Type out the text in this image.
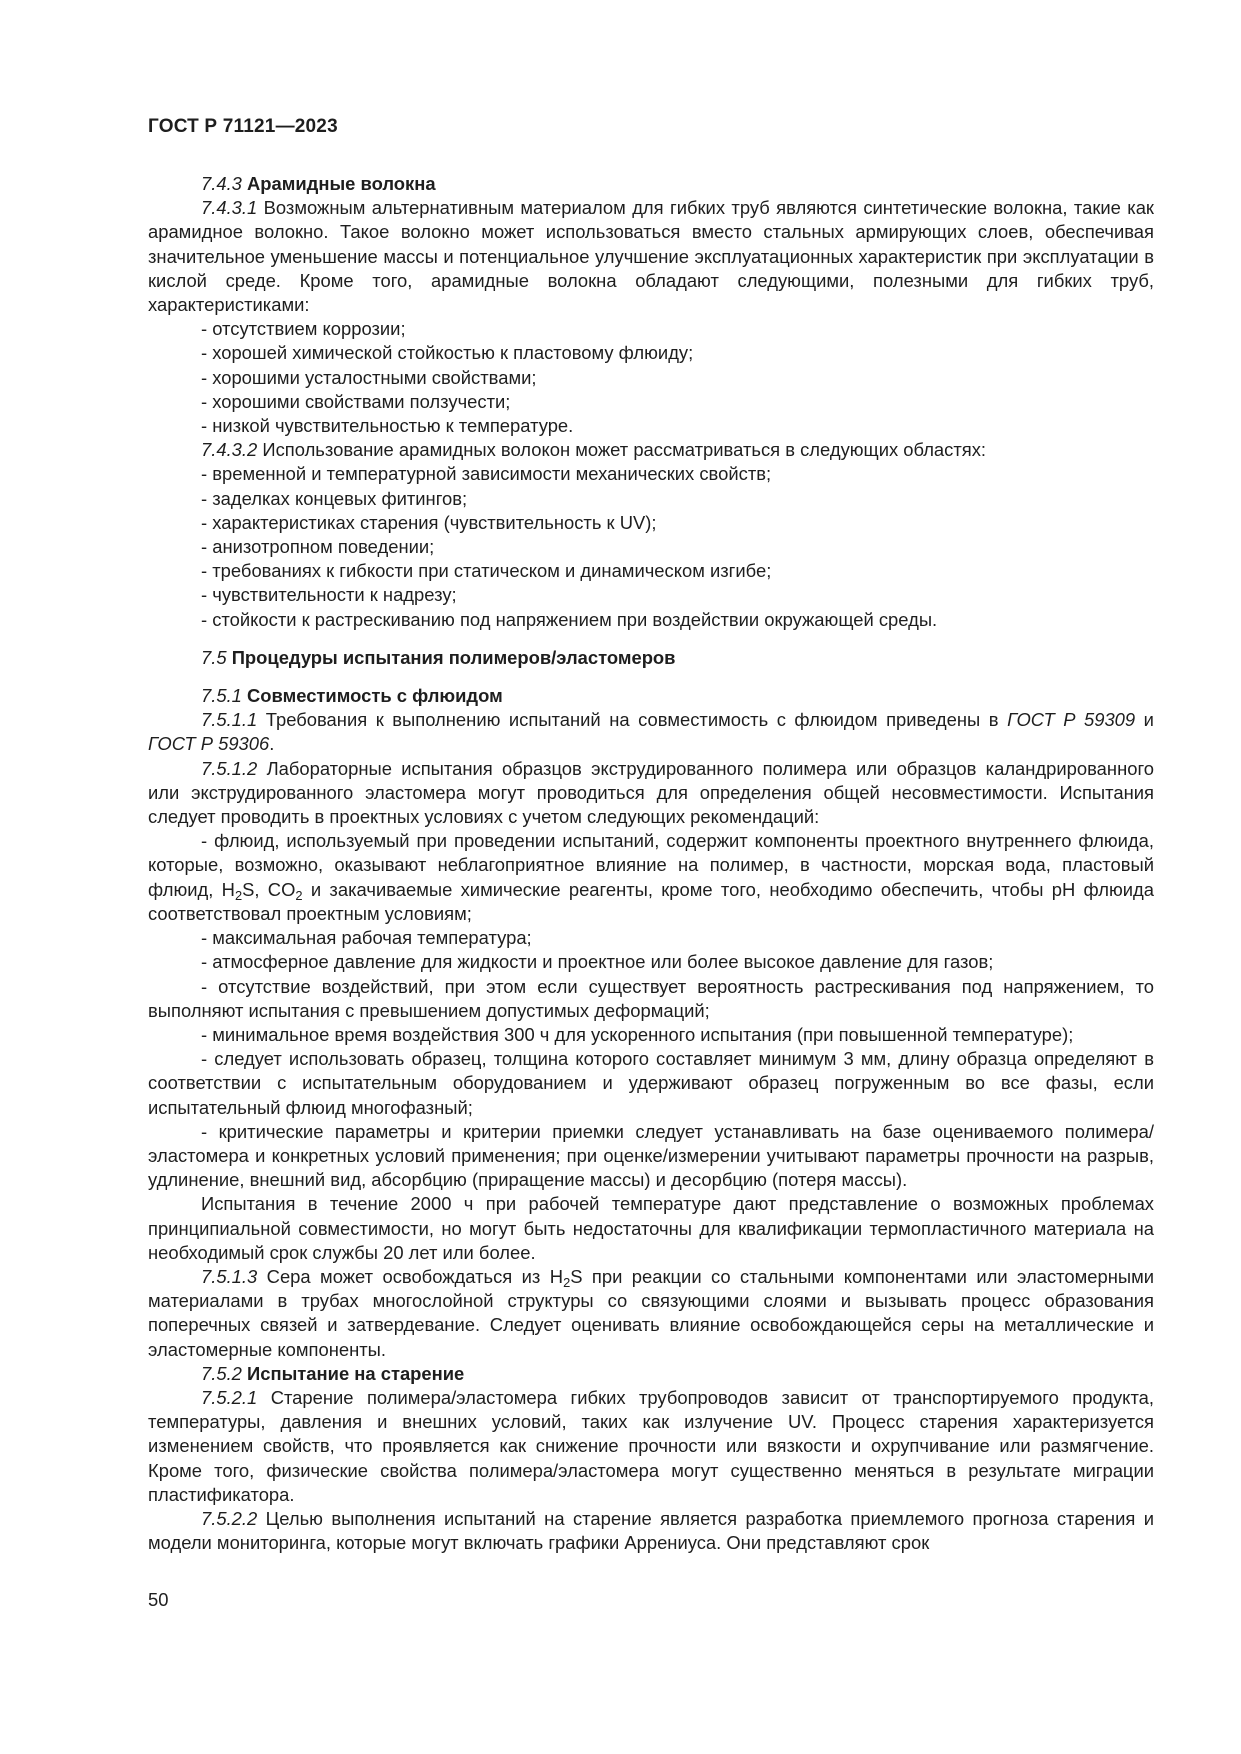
ГОСТ Р 71121—2023

7.4.3 Арамидные волокна

7.4.3.1 Возможным альтернативным материалом для гибких труб являются синтетические волокна, такие как арамидное волокно. Такое волокно может использоваться вместо стальных армирующих слоев, обеспечивая значительное уменьшение массы и потенциальное улучшение эксплуатационных характеристик при эксплуатации в кислой среде. Кроме того, арамидные волокна обладают следующими, полезными для гибких труб, характеристиками:

- отсутствием коррозии;

- хорошей химической стойкостью к пластовому флюиду;

- хорошими усталостными свойствами;

- хорошими свойствами ползучести;

- низкой чувствительностью к температуре.

7.4.3.2 Использование арамидных волокон может рассматриваться в следующих областях:

- временной и температурной зависимости механических свойств;

- заделках концевых фитингов;

- характеристиках старения (чувствительность к UV);

- анизотропном поведении;

- требованиях к гибкости при статическом и динамическом изгибе;

- чувствительности к надрезу;

- стойкости к растрескиванию под напряжением при воздействии окружающей среды.

7.5 Процедуры испытания полимеров/эластомеров

7.5.1 Совместимость с флюидом

7.5.1.1 Требования к выполнению испытаний на совместимость с флюидом приведены в ГОСТ Р 59309 и ГОСТ Р 59306.

7.5.1.2 Лабораторные испытания образцов экструдированного полимера или образцов каландрированного или экструдированного эластомера могут проводиться для определения общей несовместимости. Испытания следует проводить в проектных условиях с учетом следующих рекомендаций:

- флюид, используемый при проведении испытаний, содержит компоненты проектного внутреннего флюида, которые, возможно, оказывают неблагоприятное влияние на полимер, в частности, морская вода, пластовый флюид, $H_2S$, $CO_2$ и закачиваемые химические реагенты, кроме того, необходимо обеспечить, чтобы pH флюида соответствовал проектным условиям;

- максимальная рабочая температура;

- атмосферное давление для жидкости и проектное или более высокое давление для газов;

- отсутствие воздействий, при этом если существует вероятность растрескивания под напряжением, то выполняют испытания с превышением допустимых деформаций;

- минимальное время воздействия 300 ч для ускоренного испытания (при повышенной температуре);

- следует использовать образец, толщина которого составляет минимум 3 мм, длину образца определяют в соответствии с испытательным оборудованием и удерживают образец погруженным во все фазы, если испытательный флюид многофазный;

- критические параметры и критерии приемки следует устанавливать на базе оцениваемого полимера/эластомера и конкретных условий применения; при оценке/измерении учитывают параметры прочности на разрыв, удлинение, внешний вид, абсорбцию (приращение массы) и десорбцию (потеря массы).

Испытания в течение 2000 ч при рабочей температуре дают представление о возможных проблемах принципиальной совместимости, но могут быть недостаточны для квалификации термопластичного материала на необходимый срок службы 20 лет или более.

7.5.1.3 Сера может освобождаться из $H_2S$ при реакции со стальными компонентами или эластомерными материалами в трубах многослойной структуры со связующими слоями и вызывать процесс образования поперечных связей и затвердевание. Следует оценивать влияние освобождающейся серы на металлические и эластомерные компоненты.

7.5.2 Испытание на старение

7.5.2.1 Старение полимера/эластомера гибких трубопроводов зависит от транспортируемого продукта, температуры, давления и внешних условий, таких как излучение UV. Процесс старения характеризуется изменением свойств, что проявляется как снижение прочности или вязкости и охрупчивание или размягчение. Кроме того, физические свойства полимера/эластомера могут существенно меняться в результате миграции пластификатора.

7.5.2.2 Целью выполнения испытаний на старение является разработка приемлемого прогноза старения и модели мониторинга, которые могут включать графики Аррениуса. Они представляют срок

50
